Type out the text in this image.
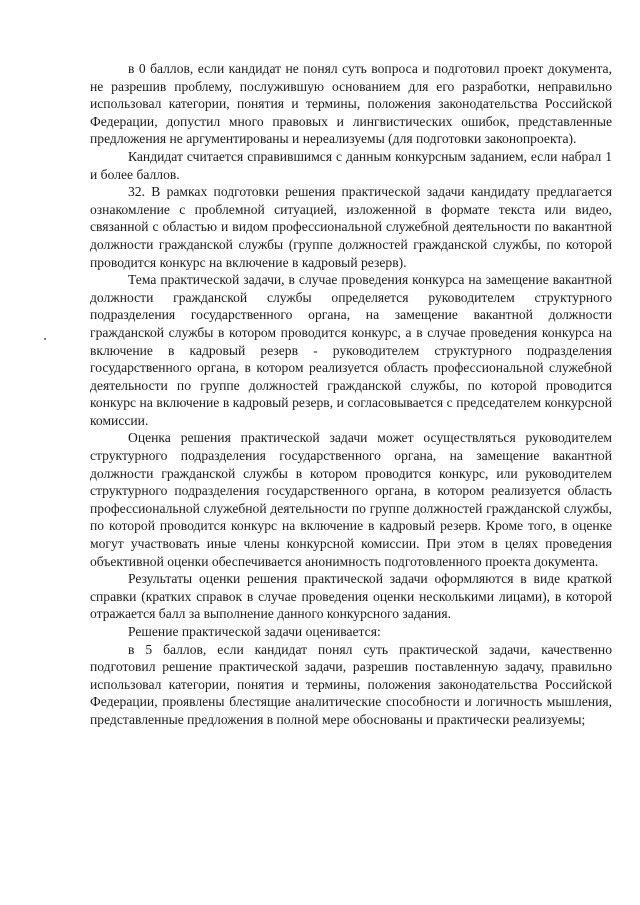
в 0 баллов, если кандидат не понял суть вопроса и подготовил проект документа, не разрешив проблему, послужившую основанием для его разработки, неправильно использовал категории, понятия и термины, положения законодательства Российской Федерации, допустил много правовых и лингвистических ошибок, представленные предложения не аргументированы и нереализуемы (для подготовки законопроекта).

Кандидат считается справившимся с данным конкурсным заданием, если набрал 1 и более баллов.

32. В рамках подготовки решения практической задачи кандидату предлагается ознакомление с проблемной ситуацией, изложенной в формате текста или видео, связанной с областью и видом профессиональной служебной деятельности по вакантной должности гражданской службы (группе должностей гражданской службы, по которой проводится конкурс на включение в кадровый резерв).

Тема практической задачи, в случае проведения конкурса на замещение вакантной должности гражданской службы определяется руководителем структурного подразделения государственного органа, на замещение вакантной должности гражданской службы в котором проводится конкурс, а в случае проведения конкурса на включение в кадровый резерв - руководителем структурного подразделения государственного органа, в котором реализуется область профессиональной служебной деятельности по группе должностей гражданской службы, по которой проводится конкурс на включение в кадровый резерв, и согласовывается с председателем конкурсной комиссии.

Оценка решения практической задачи может осуществляться руководителем структурного подразделения государственного органа, на замещение вакантной должности гражданской службы в котором проводится конкурс, или руководителем структурного подразделения государственного органа, в котором реализуется область профессиональной служебной деятельности по группе должностей гражданской службы, по которой проводится конкурс на включение в кадровый резерв. Кроме того, в оценке могут участвовать иные члены конкурсной комиссии. При этом в целях проведения объективной оценки обеспечивается анонимность подготовленного проекта документа.

Результаты оценки решения практической задачи оформляются в виде краткой справки (кратких справок в случае проведения оценки несколькими лицами), в которой отражается балл за выполнение данного конкурсного задания.

Решение практической задачи оценивается:

в 5 баллов, если кандидат понял суть практической задачи, качественно подготовил решение практической задачи, разрешив поставленную задачу, правильно использовал категории, понятия и термины, положения законодательства Российской Федерации, проявлены блестящие аналитические способности и логичность мышления, представленные предложения в полной мере обоснованы и практически реализуемы;
